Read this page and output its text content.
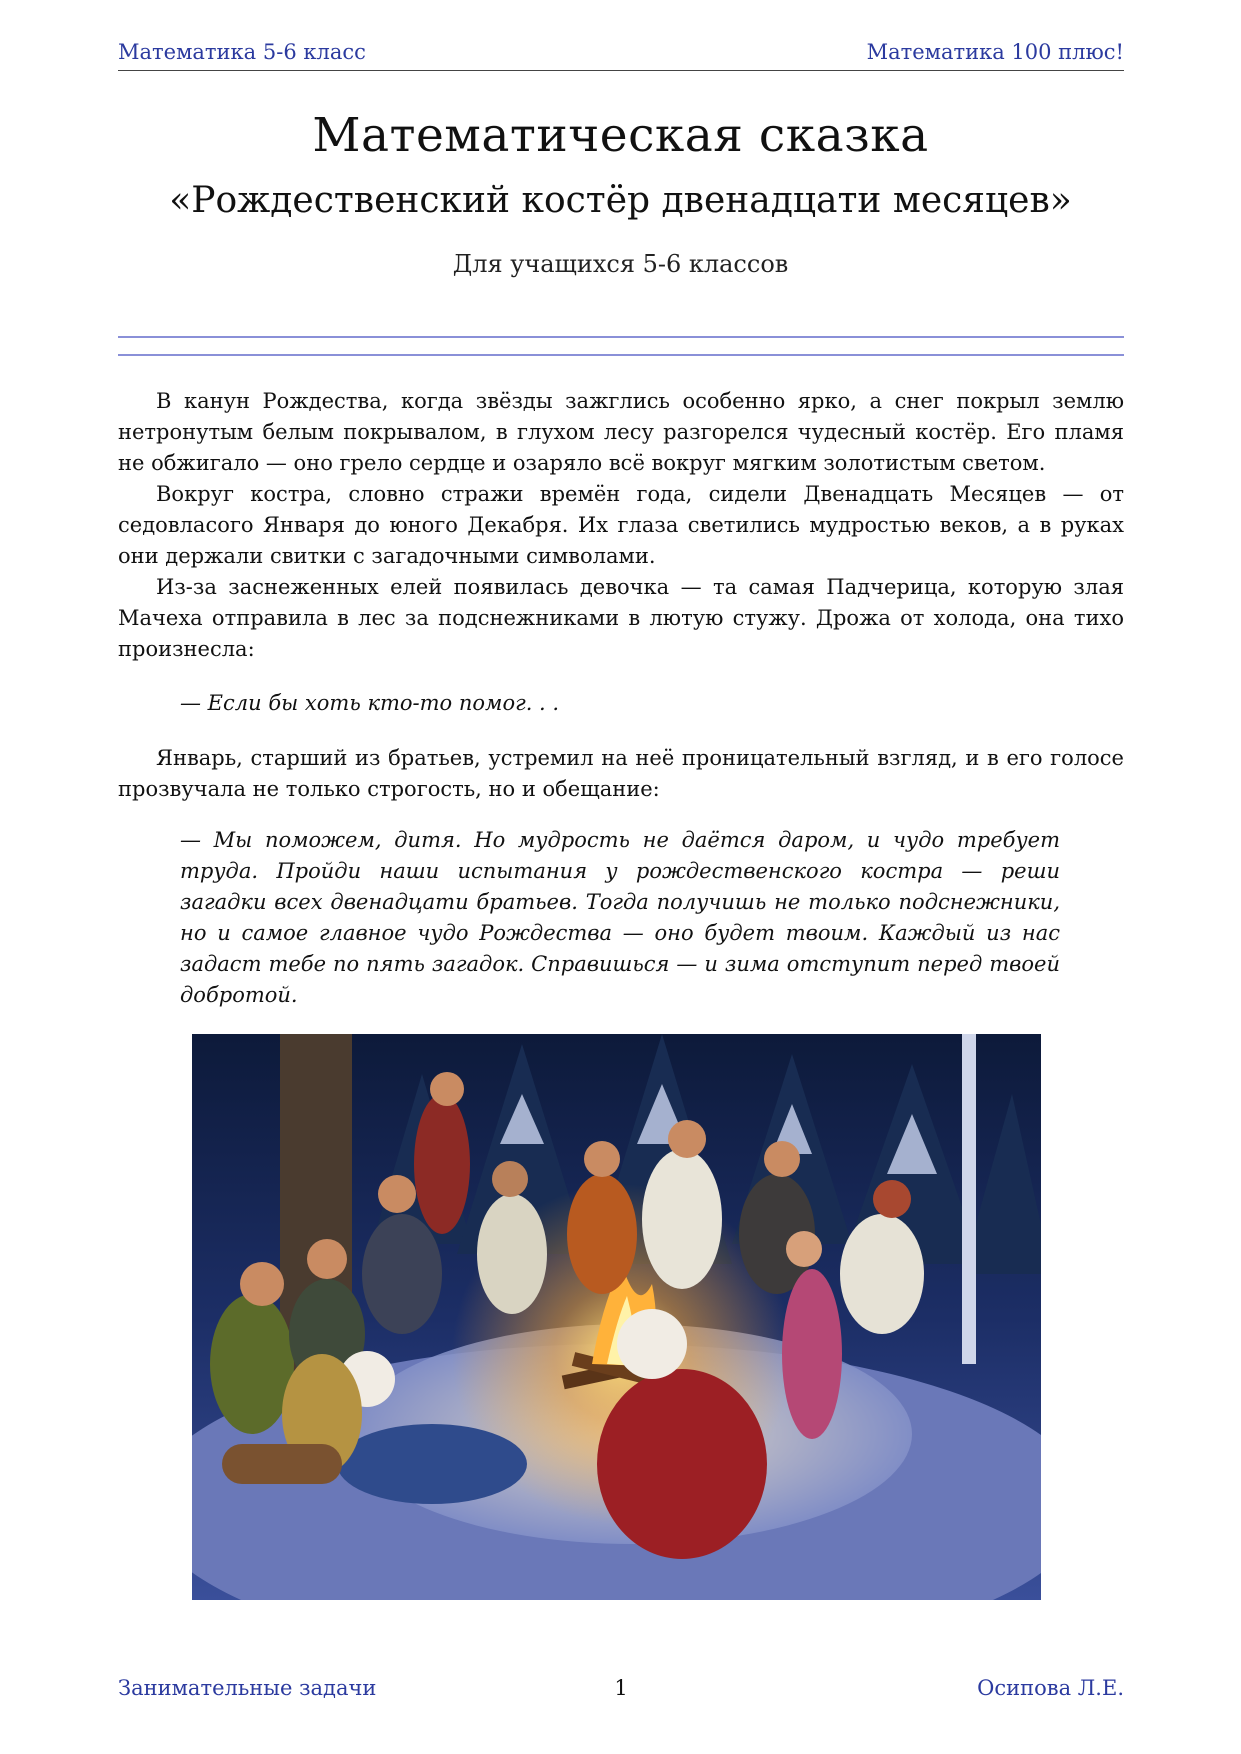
Математика 5-6 класс	Математика 100 плюс!
Математическая сказка
«Рождественский костёр двенадцати месяцев»
Для учащихся 5-6 классов

В канун Рождества, когда звёзды зажглись особенно ярко, а снег покрыл землю нетронутым белым покрывалом, в глухом лесу разгорелся чудесный костёр. Его пламя не обжигало — оно грело сердце и озаряло всё вокруг мягким золотистым светом.

Вокруг костра, словно стражи времён года, сидели Двенадцать Месяцев — от седовласого Января до юного Декабря. Их глаза светились мудростью веков, а в руках они держали свитки с загадочными символами.

Из-за заснеженных елей появилась девочка — та самая Падчерица, которую злая Мачеха отправила в лес за подснежниками в лютую стужу. Дрожа от холода, она тихо произнесла:

— Если бы хоть кто-то помог. . .
Январь, старший из братьев, устремил на неё проницательный взгляд, и в его голосе прозвучала не только строгость, но и обещание:
— Мы поможем, дитя. Но мудрость не даётся даром, и чудо требует труда. Пройди наши испытания у рождественского костра — реши загадки всех двенадцати братьев. Тогда получишь не только подснежники, но и самое главное чудо Рождества — оно будет твоим. Каждый из нас задаст тебе по пять загадок. Справишься — и зима отступит перед твоей добротой.
Занимательные задачи	1	Осипова Л.Е.
